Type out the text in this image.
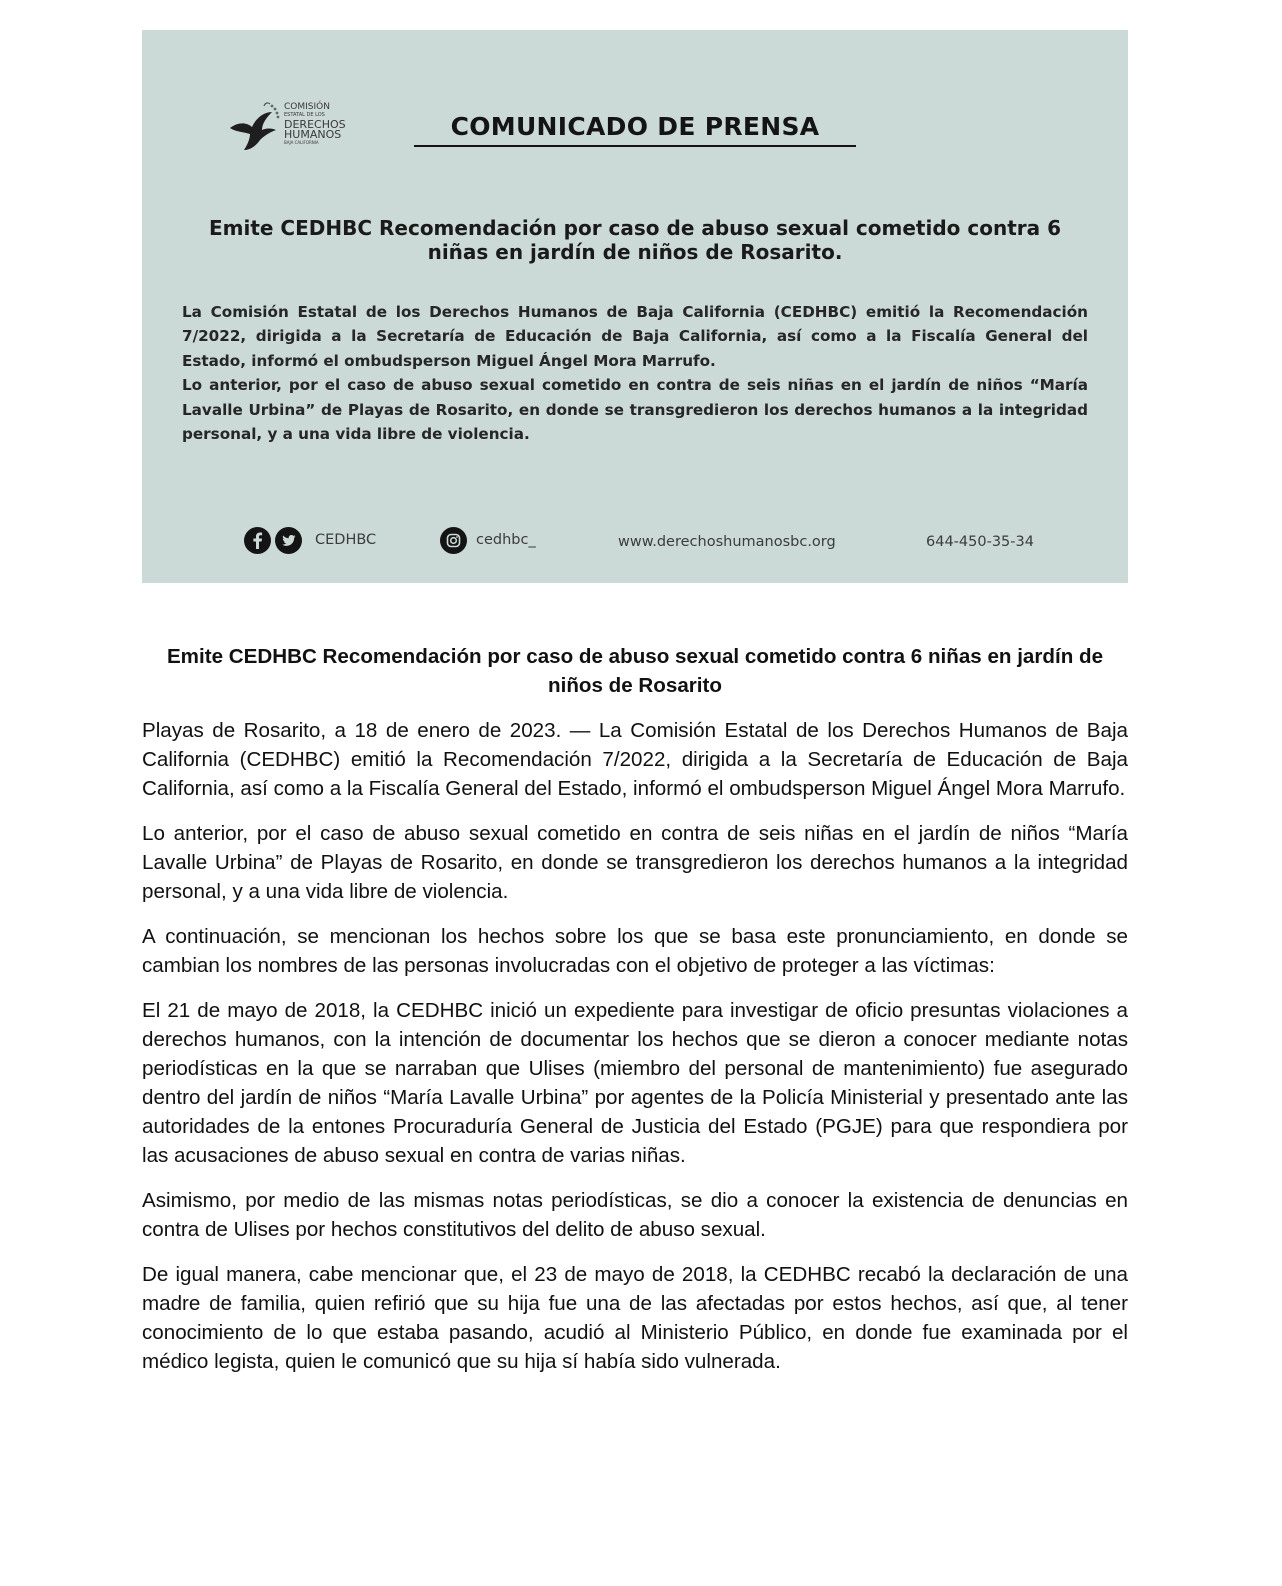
COMISIÓN
ESTATAL DE LOS
DERECHOS
HUMANOS
BAJA CALIFORNIA
COMUNICADO DE PRENSA
Emite CEDHBC Recomendación por caso de abuso sexual cometido contra 6 niñas en jardín de niños de Rosarito.

La Comisión Estatal de los Derechos Humanos de Baja California (CEDHBC) emitió la Recomendación 7/2022, dirigida a la Secretaría de Educación de Baja California, así como a la Fiscalía General del Estado, informó el ombudsperson Miguel Ángel Mora Marrufo.

Lo anterior, por el caso de abuso sexual cometido en contra de seis niñas en el jardín de niños “María Lavalle Urbina” de Playas de Rosarito, en donde se transgredieron los derechos humanos a la integridad personal, y a una vida libre de violencia.

CEDHBC	cedhbc_	www.derechoshumanosbc.org	644-450-35-34
Emite CEDHBC Recomendación por caso de abuso sexual cometido contra 6 niñas en jardín de niños de Rosarito

Playas de Rosarito, a 18 de enero de 2023. — La Comisión Estatal de los Derechos Humanos de Baja California (CEDHBC) emitió la Recomendación 7/2022, dirigida a la Secretaría de Educación de Baja California, así como a la Fiscalía General del Estado, informó el ombudsperson Miguel Ángel Mora Marrufo.

Lo anterior, por el caso de abuso sexual cometido en contra de seis niñas en el jardín de niños “María Lavalle Urbina” de Playas de Rosarito, en donde se transgredieron los derechos humanos a la integridad personal, y a una vida libre de violencia.

A continuación, se mencionan los hechos sobre los que se basa este pronunciamiento, en donde se cambian los nombres de las personas involucradas con el objetivo de proteger a las víctimas:

El 21 de mayo de 2018, la CEDHBC inició un expediente para investigar de oficio presuntas violaciones a derechos humanos, con la intención de documentar los hechos que se dieron a conocer mediante notas periodísticas en la que se narraban que Ulises (miembro del personal de mantenimiento) fue asegurado dentro del jardín de niños “María Lavalle Urbina” por agentes de la Policía Ministerial y presentado ante las autoridades de la entones Procuraduría General de Justicia del Estado (PGJE) para que respondiera por las acusaciones de abuso sexual en contra de varias niñas.

Asimismo, por medio de las mismas notas periodísticas, se dio a conocer la existencia de denuncias en contra de Ulises por hechos constitutivos del delito de abuso sexual.

De igual manera, cabe mencionar que, el 23 de mayo de 2018, la CEDHBC recabó la declaración de una madre de familia, quien refirió que su hija fue una de las afectadas por estos hechos, así que, al tener conocimiento de lo que estaba pasando, acudió al Ministerio Público, en donde fue examinada por el médico legista, quien le comunicó que su hija sí había sido vulnerada.
